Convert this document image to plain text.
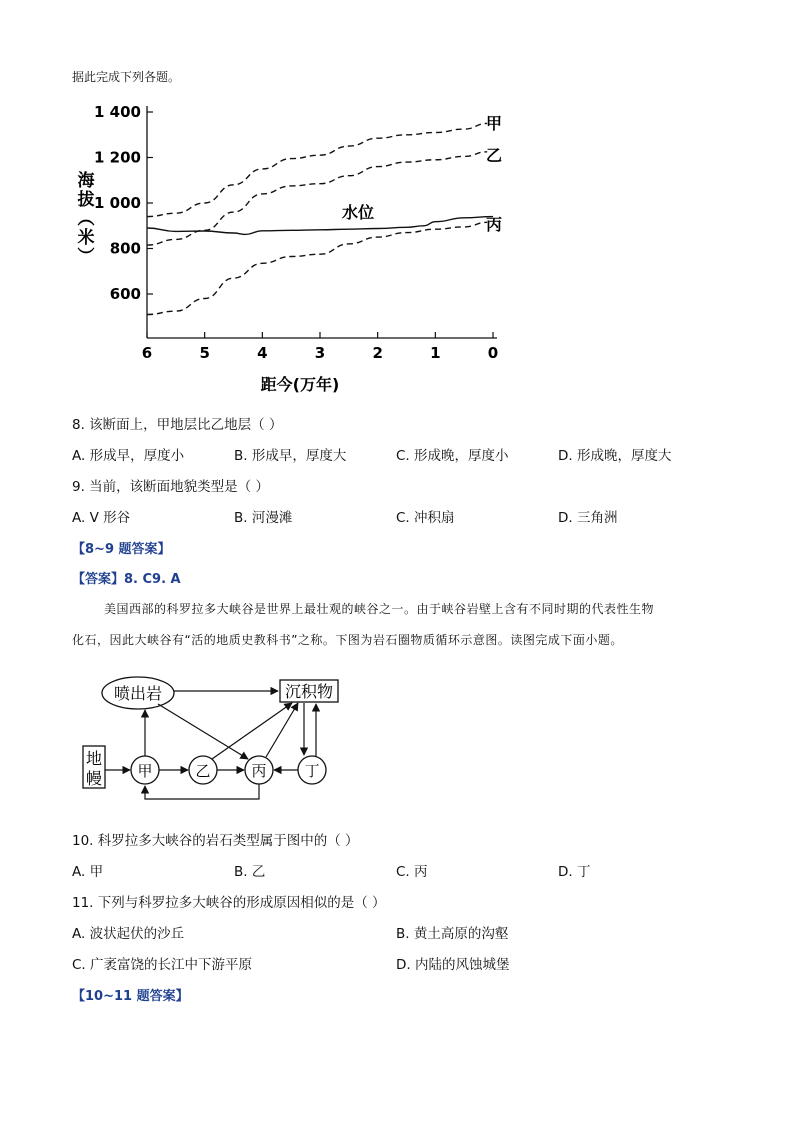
据此完成下列各题。
1 400
1 200
1 000
800
600
6	5	4	3	2	1	0
距今(万年)
海拔︵米︶
甲
乙
丙
水位
8. 该断面上，甲地层比乙地层（ ）
A. 形成早，厚度小	B. 形成早，厚度大	C. 形成晚，厚度小	D. 形成晚，厚度大
9. 当前，该断面地貌类型是（ ）
A. V 形谷	B. 河漫滩	C. 冲积扇	D. 三角洲
【8~9 题答案】
【答案】8. C9. A
美国西部的科罗拉多大峡谷是世界上最壮观的峡谷之一。由于峡谷岩壁上含有不同时期的代表性生物
化石，因此大峡谷有“活的地质史教科书”之称。下图为岩石圈物质循环示意图。读图完成下面小题。
喷出岩	沉积物
地
幔 甲	乙	丙	丁
10. 科罗拉多大峡谷的岩石类型属于图中的（ ）
A. 甲	B. 乙	C. 丙	D. 丁
11. 下列与科罗拉多大峡谷的形成原因相似的是（ ）
A. 波状起伏的沙丘	B. 黄土高原的沟壑
C. 广袤富饶的长江中下游平原	D. 内陆的风蚀城堡
【10~11 题答案】
